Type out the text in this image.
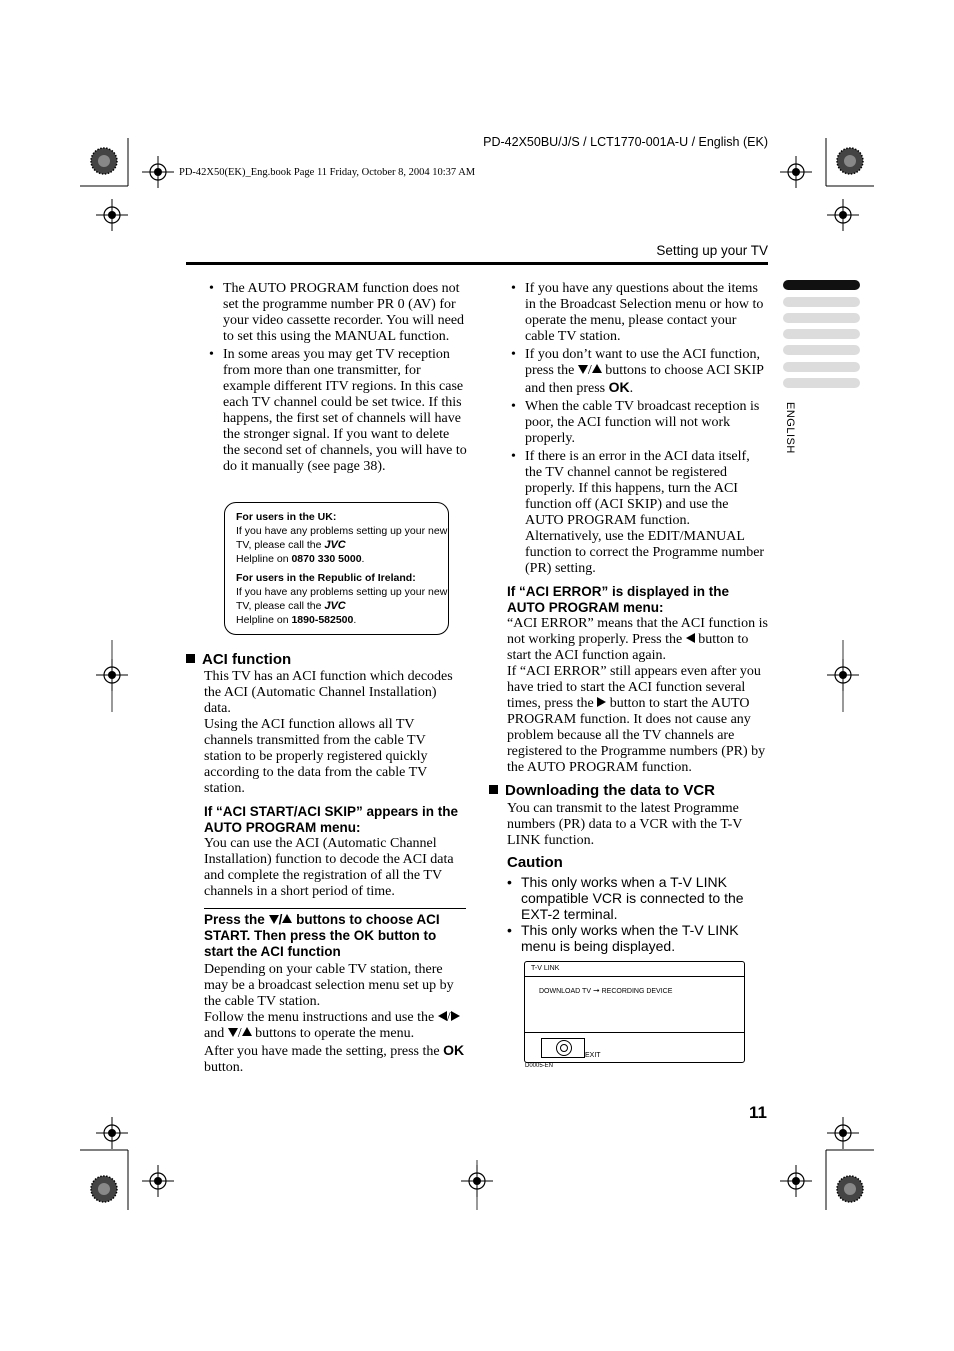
PD-42X50BU/J/S / LCT1770-001A-U / English (EK)
PD-42X50(EK)_Eng.book Page 11 Friday, October 8, 2004 10:37 AM
Setting up your TV
ENGLISH
• The AUTO PROGRAM function does not set the programme number PR 0 (AV) for your video cassette recorder. You will need to set this using the MANUAL function.
• In some areas you may get TV reception from more than one transmitter, for example different ITV regions. In this case each TV channel could be set twice. If this happens, the first set of channels will have the stronger signal. If you want to delete the second set of channels, you will have to do it manually (see page 38).
For users in the UK:
If you have any problems setting up your new TV, please call the JVC
Helpline on 0870 330 5000.
For users in the Republic of Ireland:
If you have any problems setting up your new TV, please call the JVC
Helpline on 1890-582500.
ACI function
This TV has an ACI function which decodes the ACI (Automatic Channel Installation) data.
Using the ACI function allows all TV channels transmitted from the cable TV station to be properly registered quickly according to the data from the cable TV station.
If “ACI START/ACI SKIP” appears in the AUTO PROGRAM menu:
You can use the ACI (Automatic Channel Installation) function to decode the ACI data and complete the registration of all the TV channels in a short period of time.
Press the / buttons to choose ACI START. Then press the OK button to start the ACI function
Depending on your cable TV station, there may be a broadcast selection menu set up by the cable TV station.
Follow the menu instructions and use the / and / buttons to operate the menu.
After you have made the setting, press the OK button.
• If you have any questions about the items in the Broadcast Selection menu or how to operate the menu, please contact your cable TV station.
• If you don’t want to use the ACI function, press the / buttons to choose ACI SKIP and then press OK.
• When the cable TV broadcast reception is poor, the ACI function will not work properly.
• If there is an error in the ACI data itself, the TV channel cannot be registered properly. If this happens, turn the ACI function off (ACI SKIP) and use the AUTO PROGRAM function. Alternatively, use the EDIT/MANUAL function to correct the Programme number (PR) setting.
If “ACI ERROR” is displayed in the AUTO PROGRAM menu:
“ACI ERROR” means that the ACI function is not working properly. Press the button to start the ACI function again.
If “ACI ERROR” still appears even after you have tried to start the ACI function several times, press the button to start the AUTO PROGRAM function. It does not cause any problem because all the TV channels are registered to the Programme numbers (PR) by the AUTO PROGRAM function.
Downloading the data to VCR
You can transmit to the latest Programme numbers (PR) data to a VCR with the T-V LINK function.
Caution
• This only works when a T-V LINK compatible VCR is connected to the EXT-2 terminal.
• This only works when the T-V LINK menu is being displayed.
T-V LINK
DOWNLOAD TV ➞ RECORDING DEVICE
EXIT
D0005-EN
11
